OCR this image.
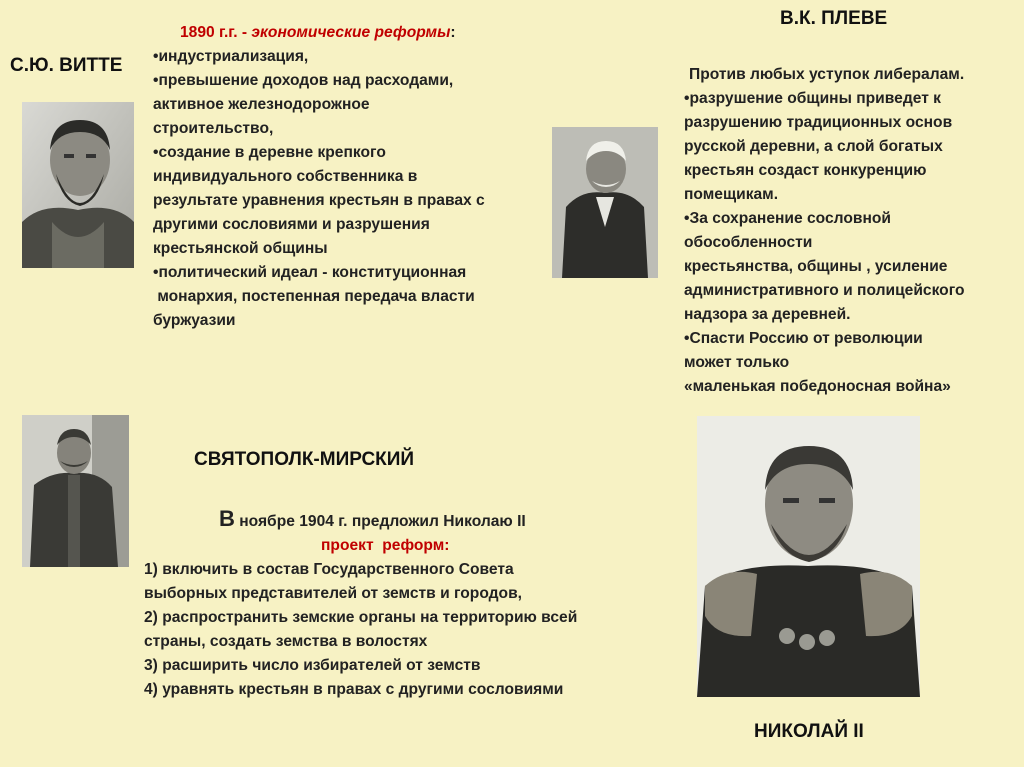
С.Ю. ВИТТЕ
1890 г.г. - экономические реформы:
•индустриализация,
•превышение доходов над расходами,
активное железнодорожное
строительство,
•создание в деревне крепкого
индивидуального собственника в
результате уравнения крестьян в правах с
другими сословиями и разрушения
крестьянской общины
•политический идеал - конституционная
монархия, постепенная передача власти
буржуазии
В.К. ПЛЕВЕ
Против любых уступок либералам.
•разрушение общины приведет к
разрушению традиционных основ
русской деревни, а слой богатых
крестьян создаст конкуренцию
помещикам.
•За сохранение сословной
обособленности
крестьянства, общины , усиление
административного и полицейского
надзора за деревней.
•Спасти Россию от революции
может только
«маленькая победоносная война»
СВЯТОПОЛК-МИРСКИЙ
В ноябре 1904 г. предложил Николаю II
проект  реформ:
1) включить в состав Государственного Совета
выборных представителей от земств и городов,
2) распространить земские органы на территорию всей
страны, создать земства в волостях
3) расширить число избирателей от земств
4) уравнять крестьян в правах с другими сословиями
НИКОЛАЙ II
